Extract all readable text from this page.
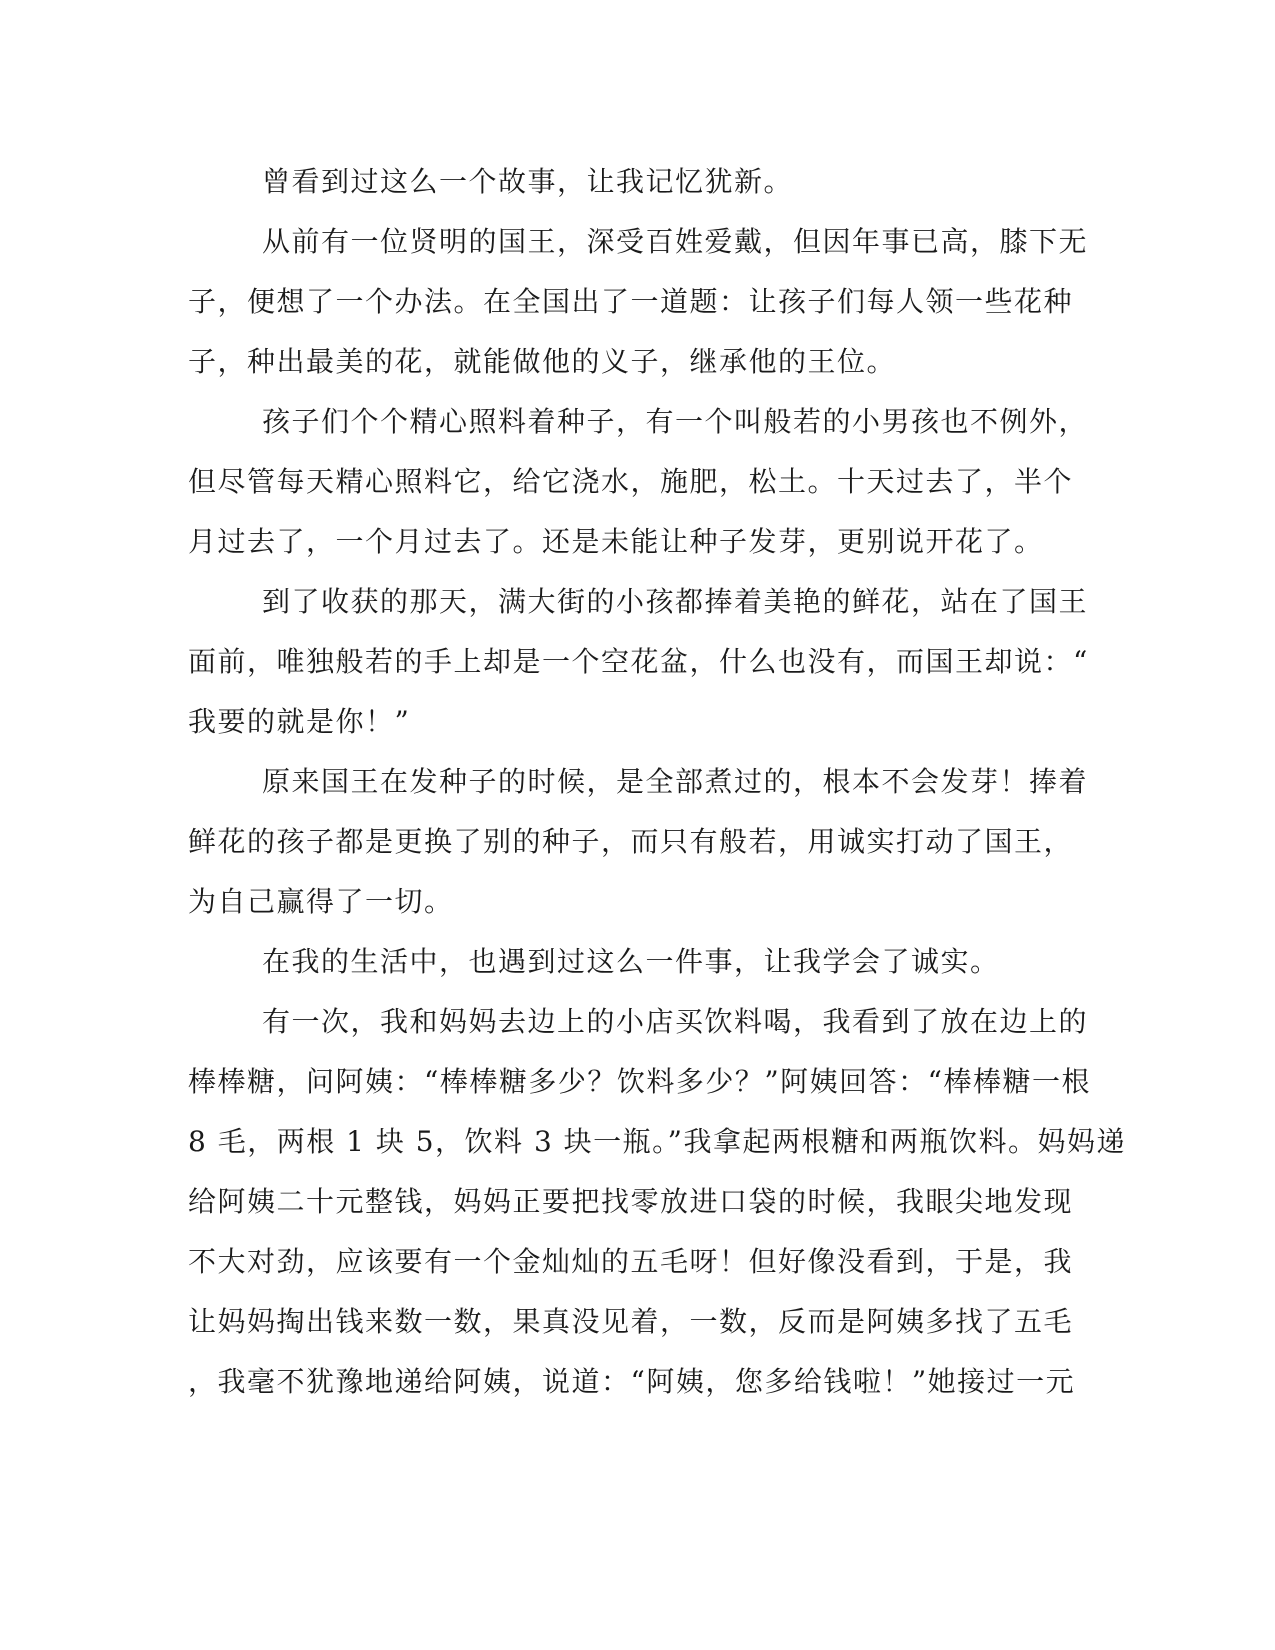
曾看到过这么一个故事，让我记忆犹新。
从前有一位贤明的国王，深受百姓爱戴，但因年事已高，膝下无
子，便想了一个办法。在全国出了一道题：让孩子们每人领一些花种
子，种出最美的花，就能做他的义子，继承他的王位。
孩子们个个精心照料着种子，有一个叫般若的小男孩也不例外，
但尽管每天精心照料它，给它浇水，施肥，松土。十天过去了，半个
月过去了，一个月过去了。还是未能让种子发芽，更别说开花了。
到了收获的那天，满大街的小孩都捧着美艳的鲜花，站在了国王
面前，唯独般若的手上却是一个空花盆，什么也没有，而国王却说：“
我要的就是你！”
原来国王在发种子的时候，是全部煮过的，根本不会发芽！捧着
鲜花的孩子都是更换了别的种子，而只有般若，用诚实打动了国王，
为自己赢得了一切。
在我的生活中，也遇到过这么一件事，让我学会了诚实。
有一次，我和妈妈去边上的小店买饮料喝，我看到了放在边上的
棒棒糖，问阿姨：“棒棒糖多少？饮料多少？”阿姨回答：“棒棒糖一根
8 毛，两根 1 块 5，饮料 3 块一瓶。”我拿起两根糖和两瓶饮料。妈妈递
给阿姨二十元整钱，妈妈正要把找零放进口袋的时候，我眼尖地发现
不大对劲，应该要有一个金灿灿的五毛呀！但好像没看到，于是，我
让妈妈掏出钱来数一数，果真没见着，一数，反而是阿姨多找了五毛
，我毫不犹豫地递给阿姨，说道：“阿姨，您多给钱啦！”她接过一元
